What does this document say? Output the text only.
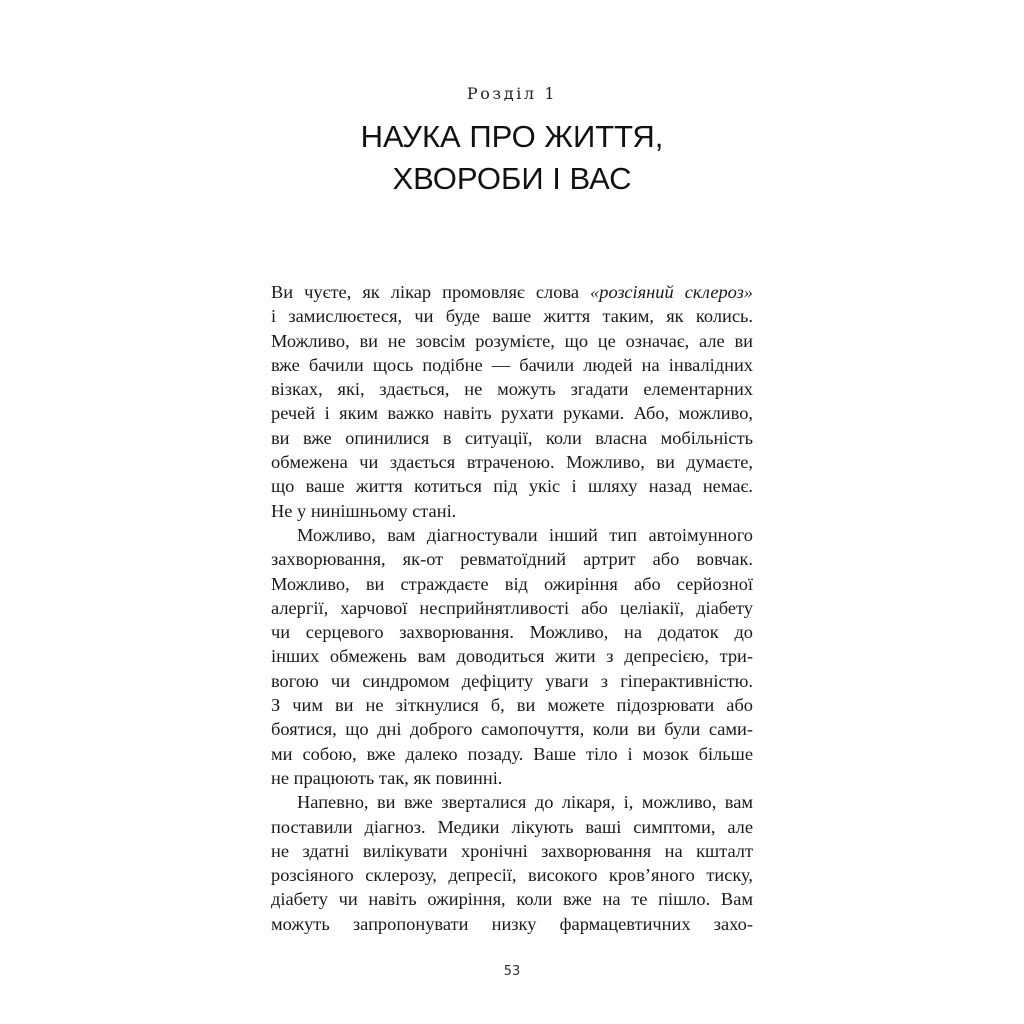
Розділ 1
НАУКА ПРО ЖИТТЯ,
ХВОРОБИ І ВАС
Ви чуєте, як лікар промовляє слова «розсіяний склероз»
і замислюєтеся, чи буде ваше життя таким, як колись.
Можливо, ви не зовсім розумієте, що це означає, але ви
вже бачили щось подібне — бачили людей на інвалідних
візках, які, здається, не можуть згадати елементарних
речей і яким важко навіть рухати руками. Або, можливо,
ви вже опинилися в ситуації, коли власна мобільність
обмежена чи здається втраченою. Можливо, ви думаєте,
що ваше життя котиться під укіс і шляху назад немає.
Не у нинішньому стані.
Можливо, вам діагностували інший тип автоімунного
захворювання, як-от ревматоїдний артрит або вовчак.
Можливо, ви страждаєте від ожиріння або серйозної
алергії, харчової несприйнятливості або целіакії, діабету
чи серцевого захворювання. Можливо, на додаток до
інших обмежень вам доводиться жити з депресією, три-
вогою чи синдромом дефіциту уваги з гіперактивністю.
З чим ви не зіткнулися б, ви можете підозрювати або
боятися, що дні доброго самопочуття, коли ви були сами-
ми собою, вже далеко позаду. Ваше тіло і мозок більше
не працюють так, як повинні.
Напевно, ви вже зверталися до лікаря, і, можливо, вам
поставили діагноз. Медики лікують ваші симптоми, але
не здатні вилікувати хронічні захворювання на кшталт
розсіяного склерозу, депресії, високого кров’яного тиску,
діабету чи навіть ожиріння, коли вже на те пішло. Вам
можуть запропонувати низку фармацевтичних захо-
53
